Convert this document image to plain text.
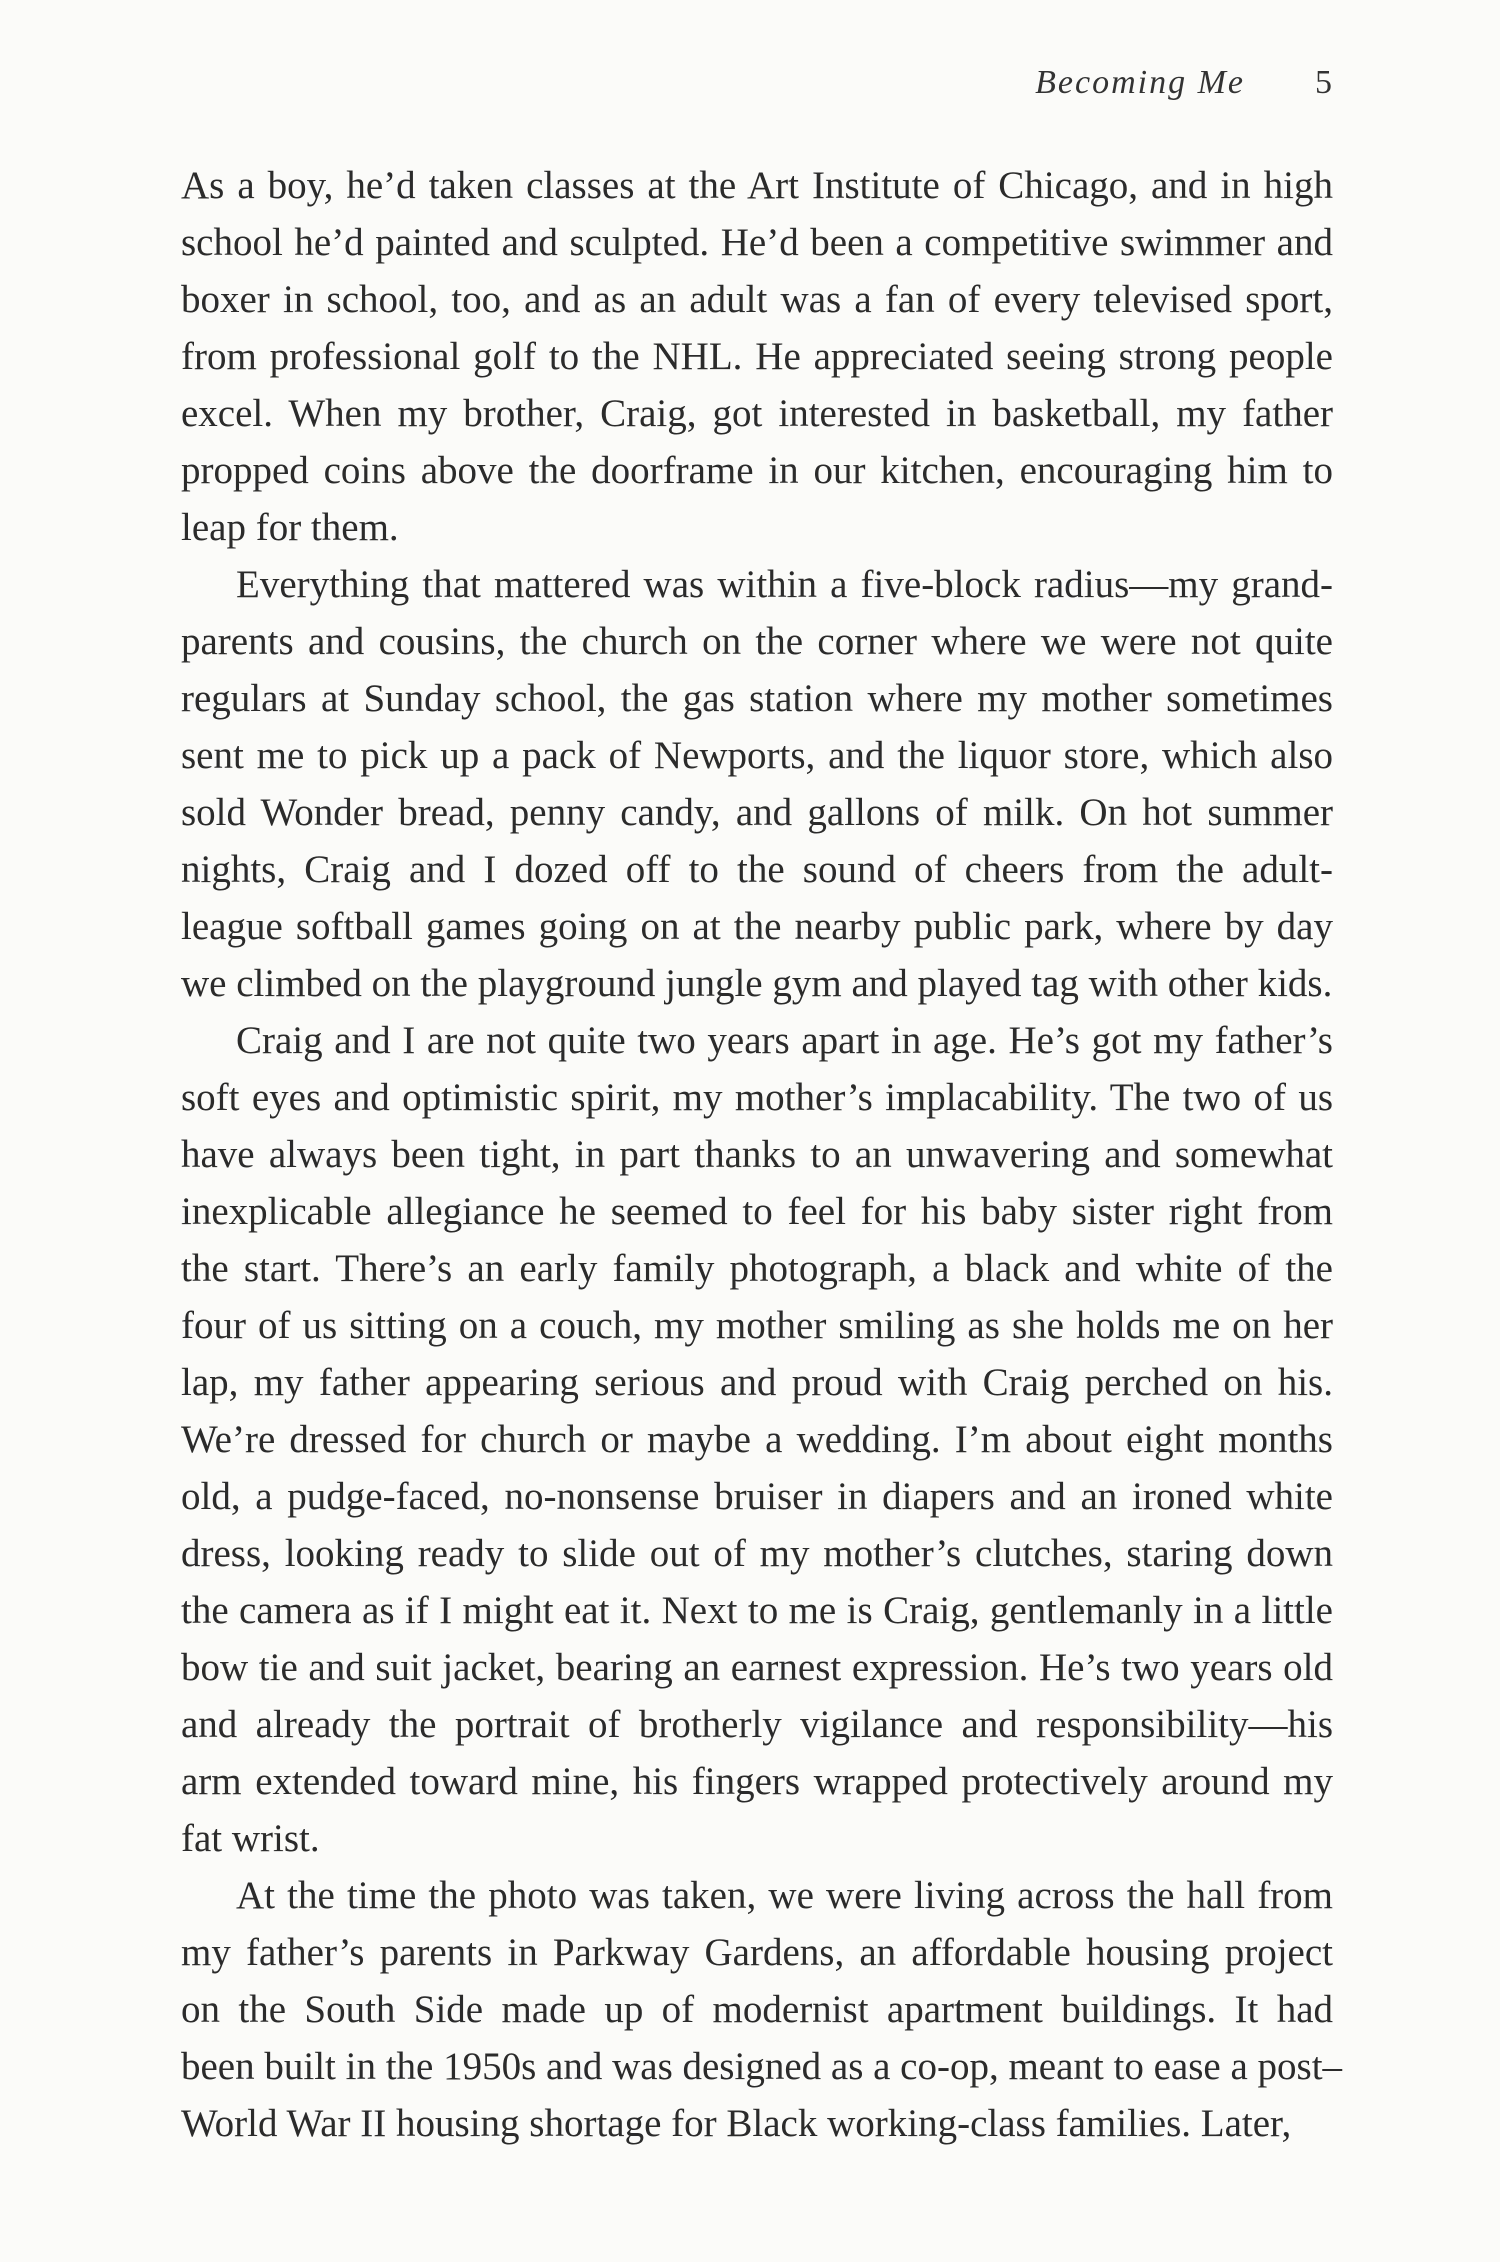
Becoming Me 5

As a boy, he’d taken classes at the Art Institute of Chicago, and in high
school he’d painted and sculpted. He’d been a competitive swimmer and
boxer in school, too, and as an adult was a fan of every televised sport,
from professional golf to the NHL. He appreciated seeing strong people
excel. When my brother, Craig, got interested in basketball, my father
propped coins above the doorframe in our kitchen, encouraging him to
leap for them.

Everything that mattered was within a five-block radius—my grand-
parents and cousins, the church on the corner where we were not quite
regulars at Sunday school, the gas station where my mother sometimes
sent me to pick up a pack of Newports, and the liquor store, which also
sold Wonder bread, penny candy, and gallons of milk. On hot summer
nights, Craig and I dozed off to the sound of cheers from the adult-
league softball games going on at the nearby public park, where by day
we climbed on the playground jungle gym and played tag with other kids.

Craig and I are not quite two years apart in age. He’s got my father’s
soft eyes and optimistic spirit, my mother’s implacability. The two of us
have always been tight, in part thanks to an unwavering and somewhat
inexplicable allegiance he seemed to feel for his baby sister right from
the start. There’s an early family photograph, a black and white of the
four of us sitting on a couch, my mother smiling as she holds me on her
lap, my father appearing serious and proud with Craig perched on his.
We’re dressed for church or maybe a wedding. I’m about eight months
old, a pudge-faced, no-nonsense bruiser in diapers and an ironed white
dress, looking ready to slide out of my mother’s clutches, staring down
the camera as if I might eat it. Next to me is Craig, gentlemanly in a little
bow tie and suit jacket, bearing an earnest expression. He’s two years old
and already the portrait of brotherly vigilance and responsibility—his
arm extended toward mine, his fingers wrapped protectively around my
fat wrist.

At the time the photo was taken, we were living across the hall from
my father’s parents in Parkway Gardens, an affordable housing project
on the South Side made up of modernist apartment buildings. It had
been built in the 1950s and was designed as a co-op, meant to ease a post–
World War II housing shortage for Black working-class families. Later,
